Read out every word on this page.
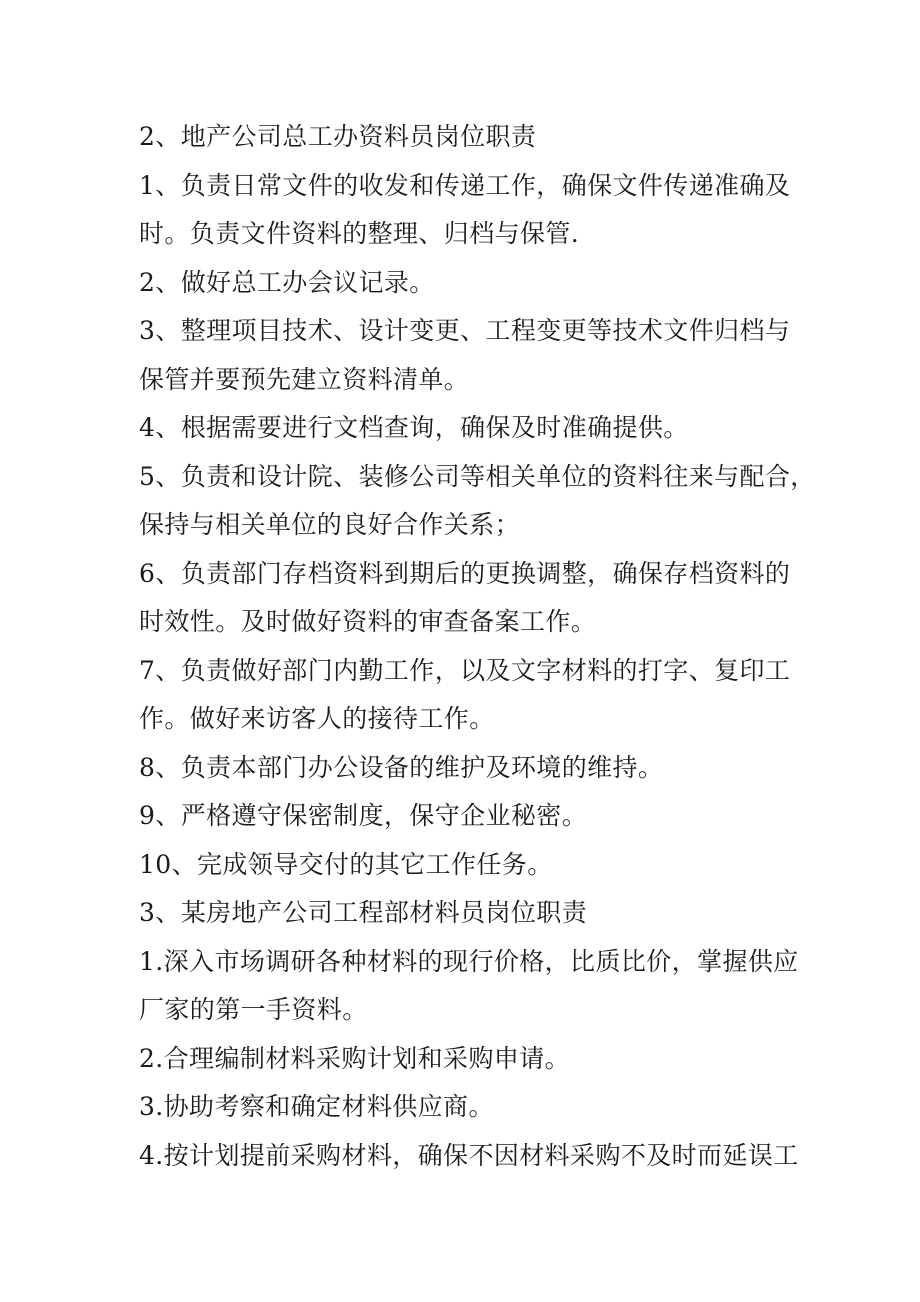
2、地产公司总工办资料员岗位职责
1、负责日常文件的收发和传递工作，确保文件传递准确及
时。负责文件资料的整理、归档与保管.
2、做好总工办会议记录。
3、整理项目技术、设计变更、工程变更等技术文件归档与
保管并要预先建立资料清单。
4、根据需要进行文档查询，确保及时准确提供。
5、负责和设计院、装修公司等相关单位的资料往来与配合，
保持与相关单位的良好合作关系；
6、负责部门存档资料到期后的更换调整，确保存档资料的
时效性。及时做好资料的审查备案工作。
7、负责做好部门内勤工作，以及文字材料的打字、复印工
作。做好来访客人的接待工作。
8、负责本部门办公设备的维护及环境的维持。
9、严格遵守保密制度，保守企业秘密。
10、完成领导交付的其它工作任务。
3、某房地产公司工程部材料员岗位职责
1.深入市场调研各种材料的现行价格，比质比价，掌握供应
厂家的第一手资料。
2.合理编制材料采购计划和采购申请。
3.协助考察和确定材料供应商。
4.按计划提前采购材料，确保不因材料采购不及时而延误工
